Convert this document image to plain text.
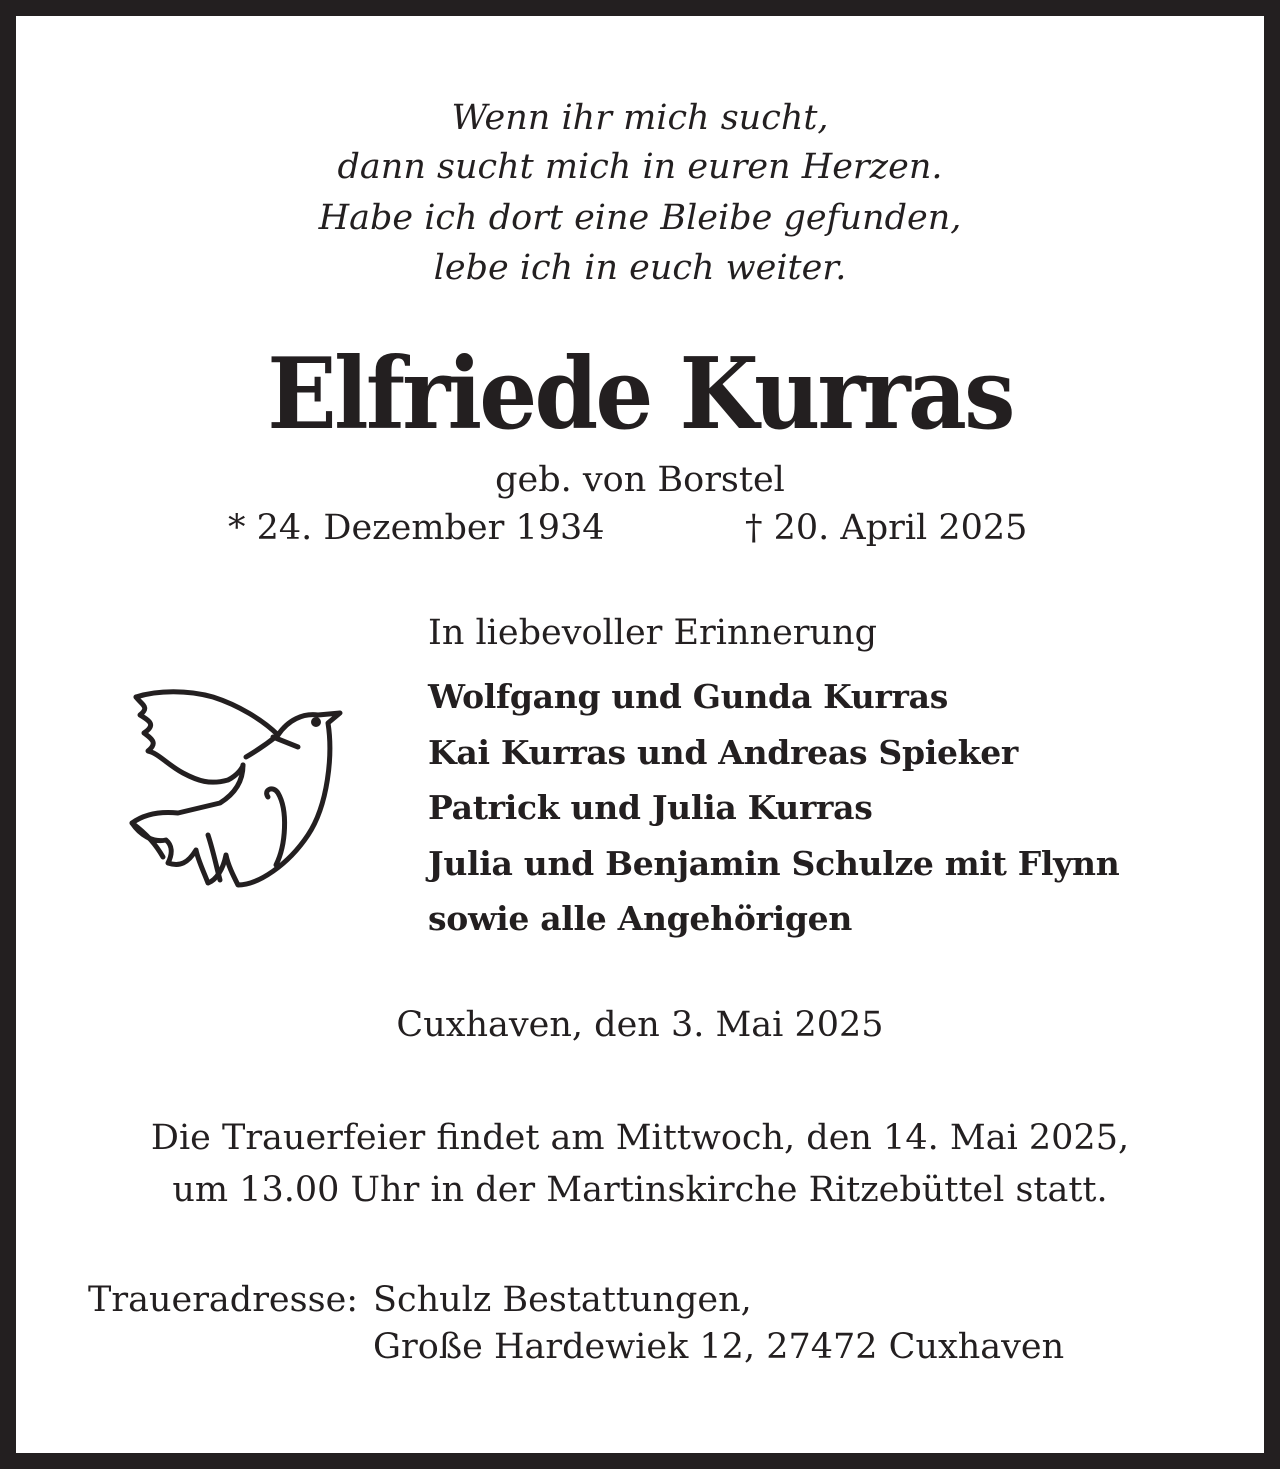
Wenn ihr mich sucht,
dann sucht mich in euren Herzen.
Habe ich dort eine Bleibe gefunden,
lebe ich in euch weiter.
Elfriede Kurras
geb. von Borstel
* 24. Dezember 1934	† 20. April 2025
In liebevoller Erinnerung
Wolfgang und Gunda Kurras
Kai Kurras und Andreas Spieker
Patrick und Julia Kurras
Julia und Benjamin Schulze mit Flynn
sowie alle Angehörigen
Cuxhaven, den 3. Mai 2025
Die Trauerfeier findet am Mittwoch, den 14. Mai 2025,
um 13.00 Uhr in der Martinskirche Ritzebüttel statt.
Traueradresse: Schulz Bestattungen,
Große Hardewiek 12, 27472 Cuxhaven
